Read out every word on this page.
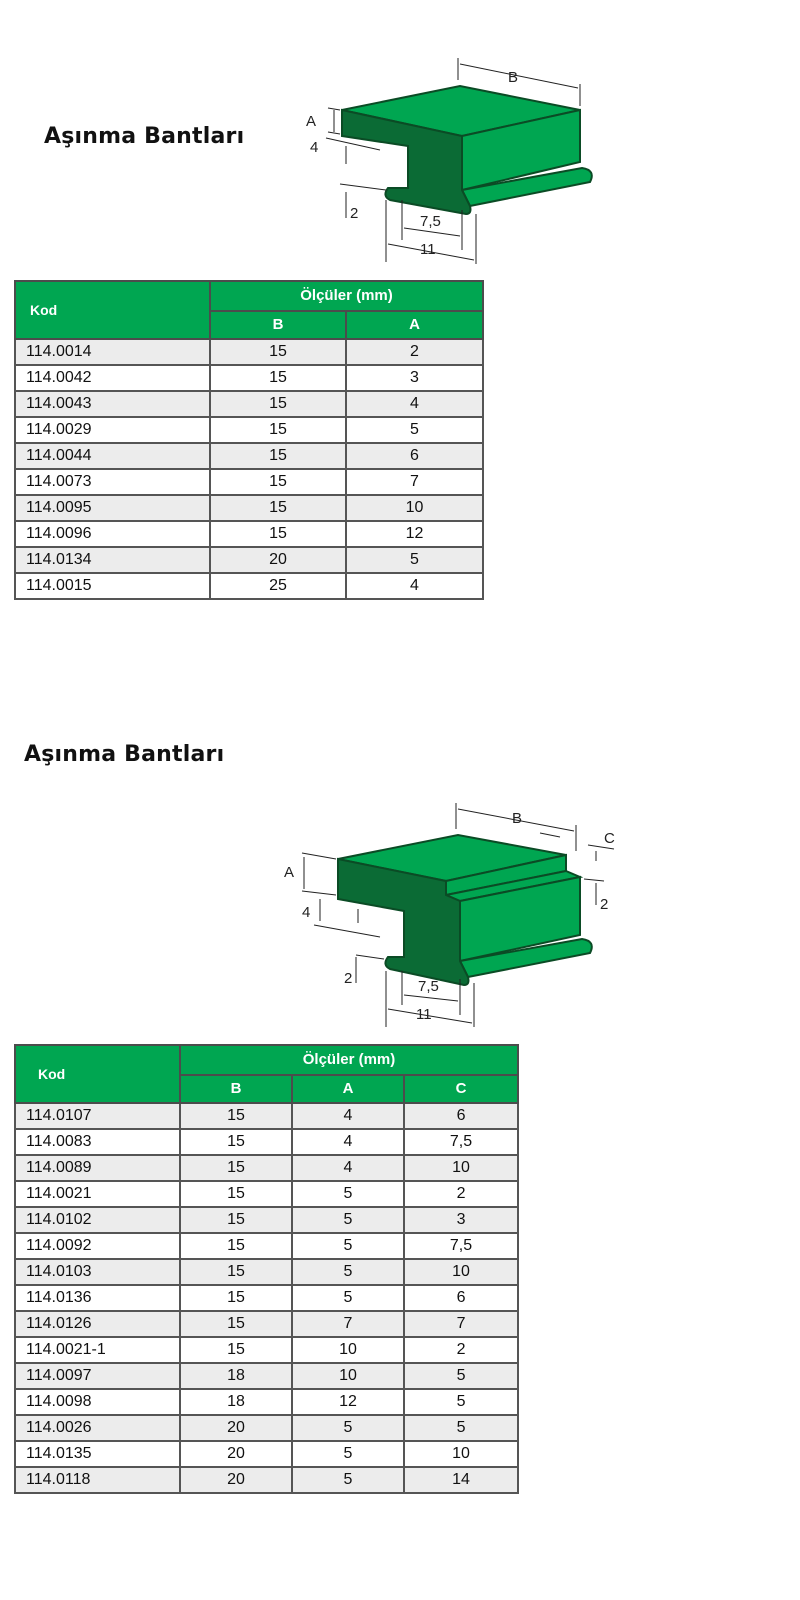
Aşınma Bantları
B
A
4
2	7,5
11
Kod	Ölçüler (mm)	
	B	A
114.0014	15	2
114.0042	15	3
114.0043	15	4
114.0029	15	5
114.0044	15	6
114.0073	15	7
114.0095	15	10
114.0096	15	12
114.0134	20	5
114.0015	25	4
Aşınma Bantları
B
C
A
4	2
2	7,5
11
Kod	Ölçüler (mm)		
	B	A	C
114.0107	15	4	6
114.0083	15	4	7,5
114.0089	15	4	10
114.0021	15	5	2
114.0102	15	5	3
114.0092	15	5	7,5
114.0103	15	5	10
114.0136	15	5	6
114.0126	15	7	7
114.0021-1	15	10	2
114.0097	18	10	5
114.0098	18	12	5
114.0026	20	5	5
114.0135	20	5	10
114.0118	20	5	14
